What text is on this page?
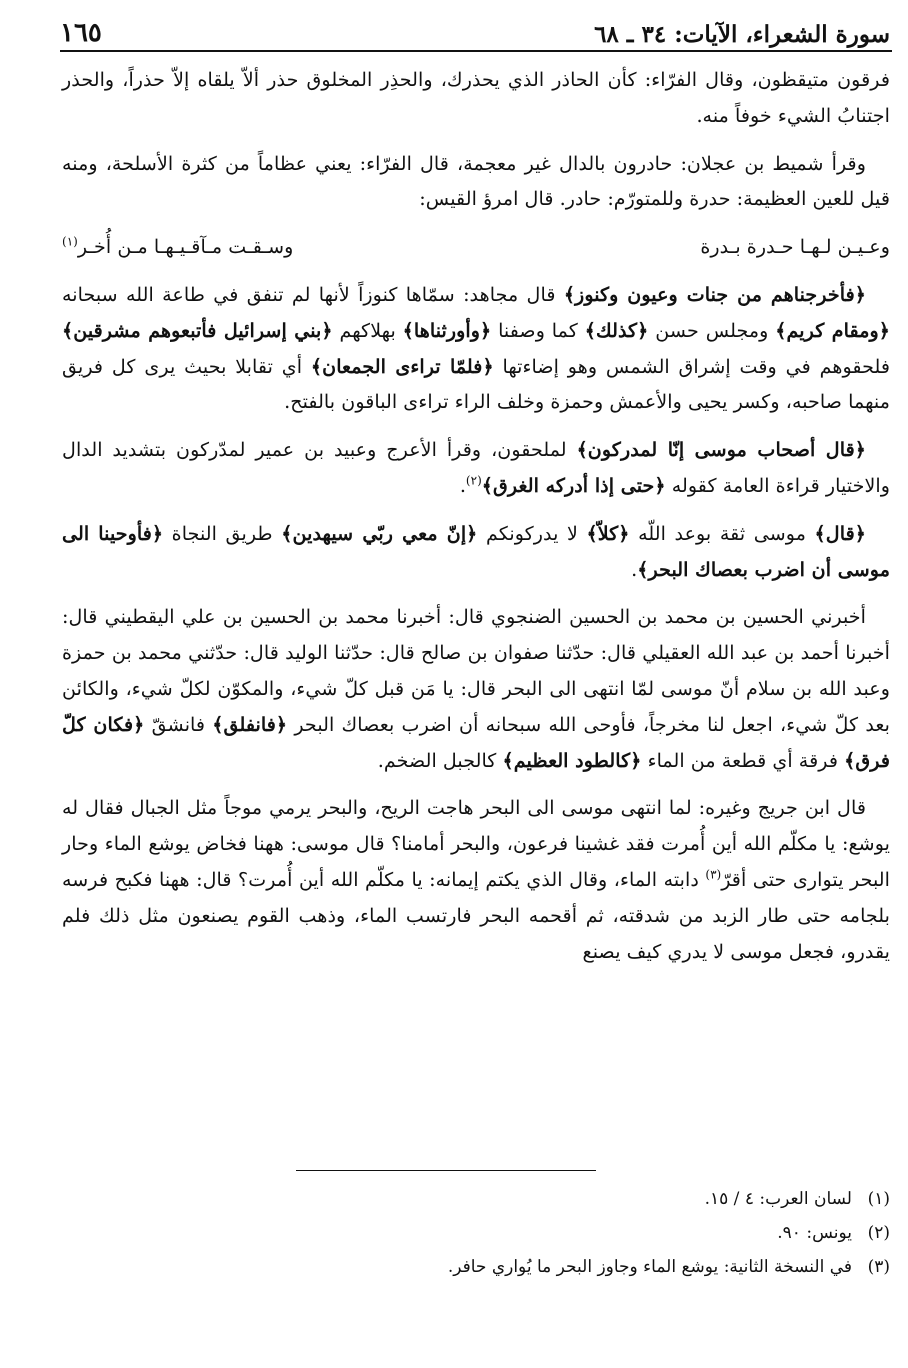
سورة الشعراء، الآيات: ٣٤ ـ ٦٨
١٦٥

فرقون متيقظون، وقال الفرّاء: كأن الحاذر الذي يحذرك، والحذِر المخلوق حذر ألاّ يلقاه إلاّ حذراً، والحذر اجتنابُ الشيء خوفاً منه.

وقرأ شميط بن عجلان: حادرون بالدال غير معجمة، قال الفرّاء: يعني عظاماً من كثرة الأسلحة، ومنه قيل للعين العظيمة: حدرة وللمتورّم: حادر. قال امرؤ القيس:

وعـيـن لـهـا حـدرة بـدرة
وسـقـت مـآقـيـهـا مـن أُخـر$^{(١)}$

﴿فأخرجناهم من جنات وعيون وكنوز﴾ قال مجاهد: سمّاها كنوزاً لأنها لم تنفق في طاعة الله سبحانه ﴿ومقام كريم﴾ ومجلس حسن ﴿كذلك﴾ كما وصفنا ﴿وأورثناها﴾ بهلاكهم ﴿بني إسرائيل فأتبعوهم مشرقين﴾ فلحقوهم في وقت إشراق الشمس وهو إضاءتها ﴿فلمّا تراءى الجمعان﴾ أي تقابلا بحيث يرى كل فريق منهما صاحبه، وكسر يحيى والأعمش وحمزة وخلف الراء تراءى الباقون بالفتح.

﴿قال أصحاب موسى إنّا لمدركون﴾ لملحقون، وقرأ الأعرج وعبيد بن عمير لمدّركون بتشديد الدال والاختيار قراءة العامة كقوله ﴿حتى إذا أدركه الغرق﴾$^{(٢)}$.

﴿قال﴾ موسى ثقة بوعد اللّه ﴿كلاّ﴾ لا يدركونكم ﴿إنّ معي ربّي سيهدين﴾ طريق النجاة ﴿فأوحينا الى موسى أن اضرب بعصاك البحر﴾.

أخبرني الحسين بن محمد بن الحسين الضنجوي قال: أخبرنا محمد بن الحسين بن علي اليقطيني قال: أخبرنا أحمد بن عبد الله العقيلي قال: حدّثنا صفوان بن صالح قال: حدّثنا الوليد قال: حدّثني محمد بن حمزة وعبد الله بن سلام أنّ موسى لمّا انتهى الى البحر قال: يا مَن قبل كلّ شيء، والمكوّن لكلّ شيء، والكائن بعد كلّ شيء، اجعل لنا مخرجاً، فأوحى الله سبحانه أن اضرب بعصاك البحر ﴿فانفلق﴾ فانشقّ ﴿فكان كلّ فرق﴾ فرقة أي قطعة من الماء ﴿كالطود العظيم﴾ كالجبل الضخم.

قال ابن جريج وغيره: لما انتهى موسى الى البحر هاجت الريح، والبحر يرمي موجاً مثل الجبال فقال له يوشع: يا مكلّم الله أين أُمرت فقد غشينا فرعون، والبحر أمامنا؟ قال موسى: ههنا فخاض يوشع الماء وحار البحر يتوارى حتى أقرّ$^{(٣)}$ دابته الماء، وقال الذي يكتم إيمانه: يا مكلّم الله أين أُمرت؟ قال: ههنا فكبح فرسه بلجامه حتى طار الزبد من شدقته، ثم أقحمه البحر فارتسب الماء، وذهب القوم يصنعون مثل ذلك فلم يقدرو، فجعل موسى لا يدري كيف يصنع

(١)
لسان العرب: ٤ / ١٥.
(٢)
يونس: ٩٠.
(٣)
في النسخة الثانية: يوشع الماء وجاوز البحر ما يُواري حافر.
